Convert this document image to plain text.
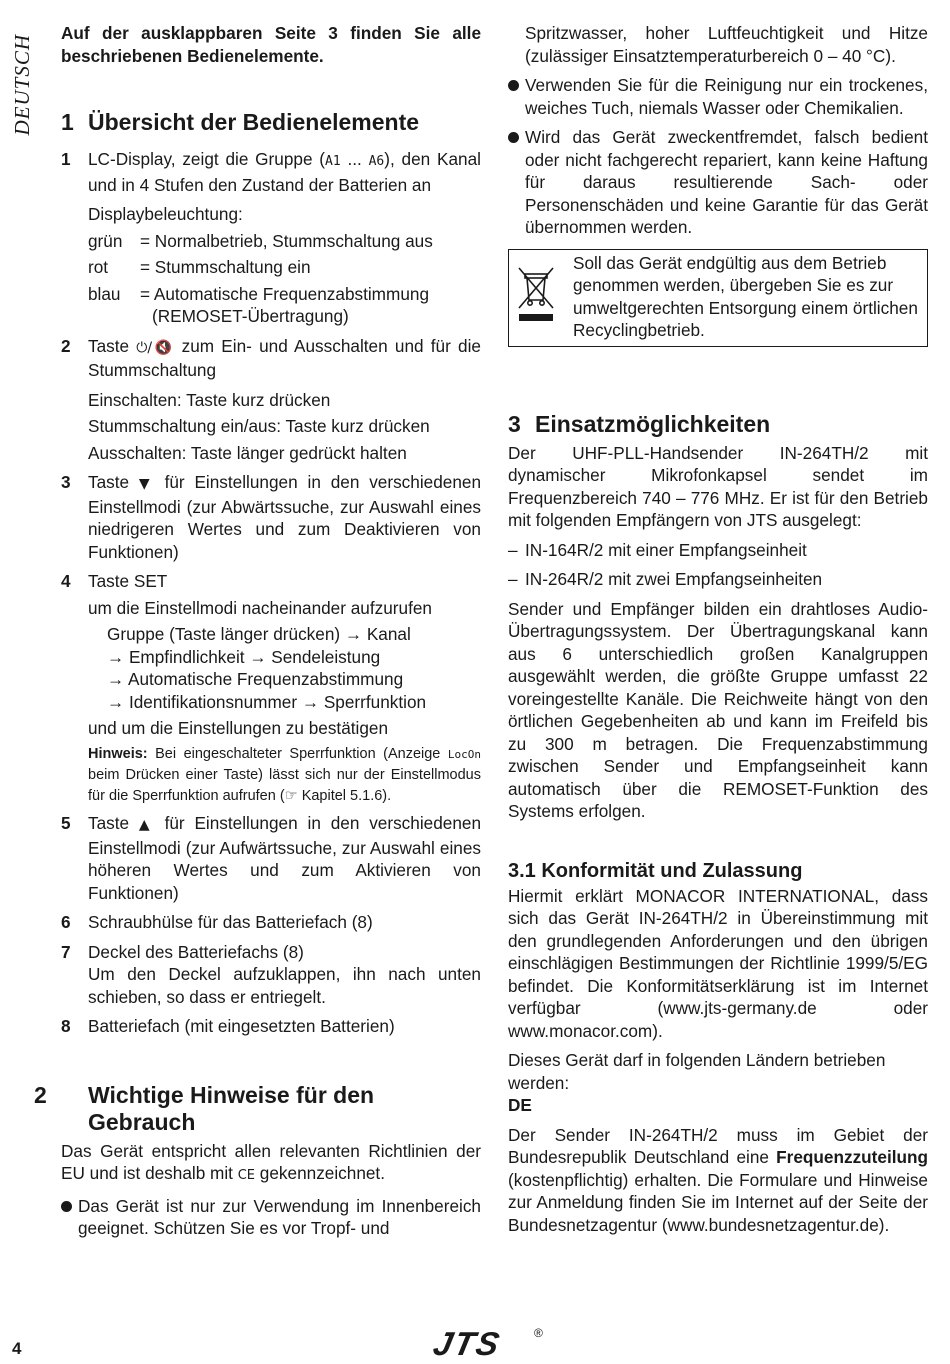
DEUTSCH

Auf der ausklappbaren Seite 3 finden Sie alle beschriebenen Bedienelemente.

1 Übersicht der Bedienelemente
1 LC-Display, zeigt die Gruppe (A1 ... A6), den Kanal und in 4 Stufen den Zustand der Batterien an
Displaybeleuchtung:
grün	= Normalbetrieb, Stummschaltung aus
rot	= Stummschaltung ein
blau	= Automatische Frequenzabstimmung (REMOSET-Übertragung)
2 Taste ⏻/🔇 zum Ein- und Ausschalten und für die Stummschaltung
Einschalten: Taste kurz drücken
Stummschaltung ein/aus: Taste kurz drücken
Ausschalten: Taste länger gedrückt halten
3 Taste ▼ für Einstellungen in den verschiedenen Einstellmodi (zur Abwärtssuche, zur Auswahl eines niedrigeren Wertes und zum Deaktivieren von Funktionen)
4 Taste SET
um die Einstellmodi nacheinander aufzurufen
Gruppe (Taste länger drücken) → Kanal
→ Empfindlichkeit → Sendeleistung
→ Automatische Frequenzabstimmung
→ Identifikationsnummer → Sperrfunktion
und um die Einstellungen zu bestätigen
Hinweis: Bei eingeschalteter Sperrfunktion (Anzeige LocOn beim Drücken einer Taste) lässt sich nur der Einstellmodus für die Sperrfunktion aufrufen (☞ Kapitel 5.1.6).
5 Taste ▲ für Einstellungen in den verschiedenen Einstellmodi (zur Aufwärtssuche, zur Auswahl eines höheren Wertes und zum Aktivieren von Funktionen)
6 Schraubhülse für das Batteriefach (8)
7 Deckel des Batteriefachs (8)
Um den Deckel aufzuklappen, ihn nach unten schieben, so dass er entriegelt.
8 Batteriefach (mit eingesetzten Batterien)
2 Wichtige Hinweise für den Gebrauch

Das Gerät entspricht allen relevanten Richtlinien der EU und ist deshalb mit CE gekennzeichnet.

Das Gerät ist nur zur Verwendung im Innenbereich geeignet. Schützen Sie es vor Tropf- und

Spritzwasser, hoher Luftfeuchtigkeit und Hitze (zulässiger Einsatztemperaturbereich 0 – 40 °C).

Verwenden Sie für die Reinigung nur ein trockenes, weiches Tuch, niemals Wasser oder Chemikalien.
Wird das Gerät zweckentfremdet, falsch bedient oder nicht fachgerecht repariert, kann keine Haftung für daraus resultierende Sach- oder Personenschäden und keine Garantie für das Gerät übernommen werden.
Soll das Gerät endgültig aus dem Betrieb genommen werden, übergeben Sie es zur umweltgerechten Entsorgung einem örtlichen Recyclingbetrieb.
3 Einsatzmöglichkeiten

Der UHF-PLL-Handsender IN-264TH/2 mit dynamischer Mikrofonkapsel sendet im Frequenzbereich 740 – 776 MHz. Er ist für den Betrieb mit folgenden Empfängern von JTS ausgelegt:

– IN-164R/2 mit einer Empfangseinheit
– IN-264R/2 mit zwei Empfangseinheiten

Sender und Empfänger bilden ein drahtloses Audio-Übertragungssystem. Der Übertragungskanal kann aus 6 unterschiedlich großen Kanalgruppen ausgewählt werden, die größte Gruppe umfasst 22 voreingestellte Kanäle. Die Reichweite hängt von den örtlichen Gegebenheiten ab und kann im Freifeld bis zu 300 m betragen. Die Frequenzabstimmung zwischen Sender und Empfangseinheit kann automatisch über die REMOSET-Funktion des Systems erfolgen.

3.1 Konformität und Zulassung

Hiermit erklärt MONACOR INTERNATIONAL, dass sich das Gerät IN-264TH/2 in Übereinstimmung mit den grundlegenden Anforderungen und den übrigen einschlägigen Bestimmungen der Richtlinie 1999/5/EG befindet. Die Konformitätserklärung ist im Internet verfügbar (www.jts-germany.de oder www.monacor.com).

Dieses Gerät darf in folgenden Ländern betrieben werden:

DE

Der Sender IN-264TH/2 muss im Gebiet der Bundesrepublik Deutschland eine Frequenzzuteilung (kostenpflichtig) erhalten. Die Formulare und Hinweise zur Anmeldung finden Sie im Internet auf der Seite der Bundesnetzagentur (www.bundesnetzagentur.de).

4	JTS ®
